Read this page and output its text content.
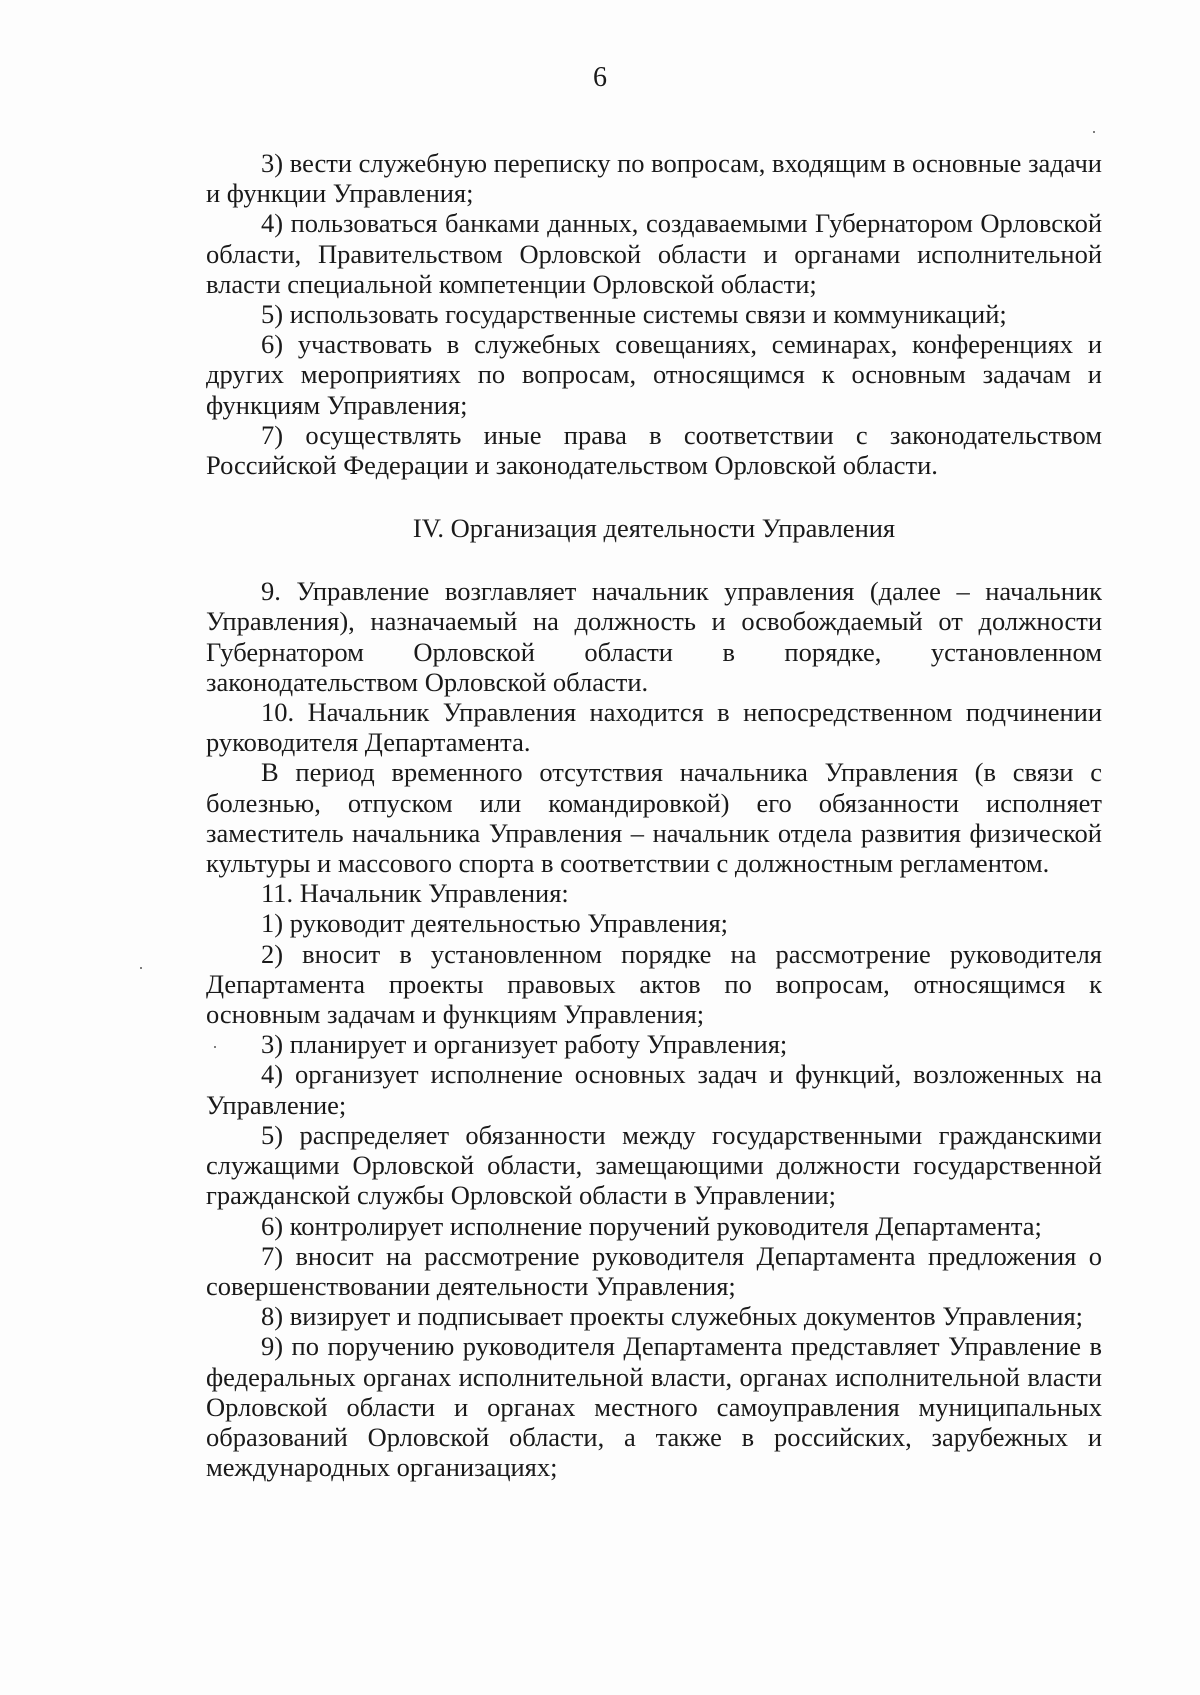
6

3) вести служебную переписку по вопросам, входящим в основные задачи и функции Управления;

4) пользоваться банками данных, создаваемыми Губернатором Орловской области, Правительством Орловской области и органами исполнительной власти специальной компетенции Орловской области;

5) использовать государственные системы связи и коммуникаций;

6) участвовать в служебных совещаниях, семинарах, конференциях и других мероприятиях по вопросам, относящимся к основным задачам и функциям Управления;

7) осуществлять иные права в соответствии с законодательством Российской Федерации и законодательством Орловской области.

IV. Организация деятельности Управления

9. Управление возглавляет начальник управления (далее – начальник Управления), назначаемый на должность и освобождаемый от должности Губернатором Орловской области в порядке, установленном законодательством Орловской области.

10. Начальник Управления находится в непосредственном подчинении руководителя Департамента.

В период временного отсутствия начальника Управления (в связи с болезнью, отпуском или командировкой) его обязанности исполняет заместитель начальника Управления – начальник отдела развития физической культуры и массового спорта в соответствии с должностным регламентом.

11. Начальник Управления:

1) руководит деятельностью Управления;

2) вносит в установленном порядке на рассмотрение руководителя Департамента проекты правовых актов по вопросам, относящимся к основным задачам и функциям Управления;

3) планирует и организует работу Управления;

4) организует исполнение основных задач и функций, возложенных на Управление;

5) распределяет обязанности между государственными гражданскими служащими Орловской области, замещающими должности государственной гражданской службы Орловской области в Управлении;

6) контролирует исполнение поручений руководителя Департамента;

7) вносит на рассмотрение руководителя Департамента предложения о совершенствовании деятельности Управления;

8) визирует и подписывает проекты служебных документов Управления;

9) по поручению руководителя Департамента представляет Управление в федеральных органах исполнительной власти, органах исполнительной власти Орловской области и органах местного самоуправления муниципальных образований Орловской области, а также в российских, зарубежных и международных организациях;
